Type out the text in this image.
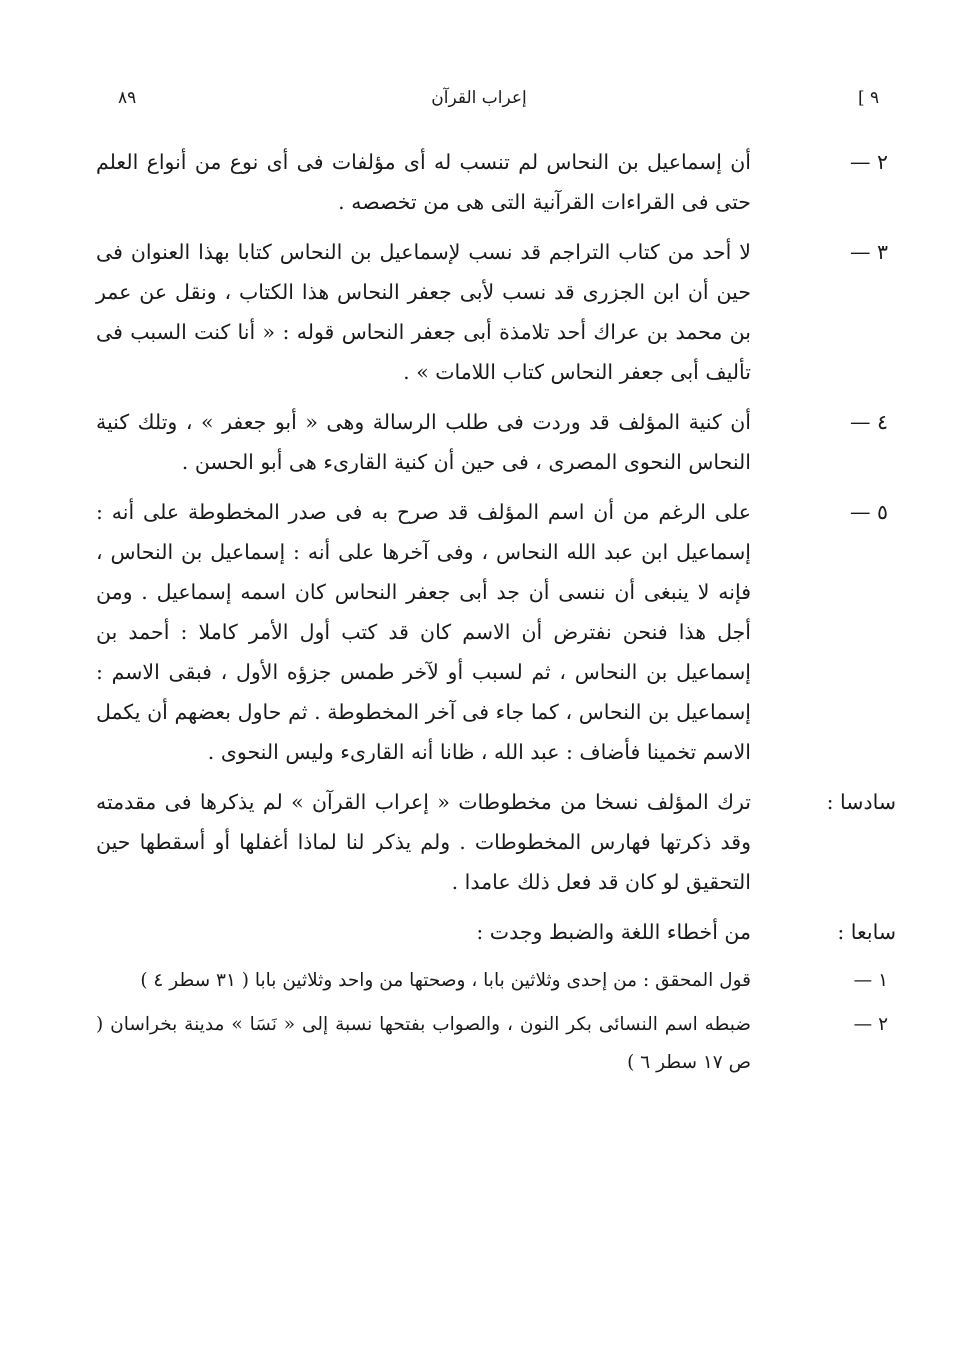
٨٩	إعراب القرآن	[ ٩
٢ —
أن إسماعيل بن النحاس لم تنسب له أى مؤلفات فى أى نوع من أنواع العلم حتى فى القراءات القرآنية التى هى من تخصصه .
٣ —
لا أحد من كتاب التراجم قد نسب لإسماعيل بن النحاس كتابا بهذا العنوان فى حين أن ابن الجزرى قد نسب لأبى جعفر النحاس هذا الكتاب ، ونقل عن عمر بن محمد بن عراك أحد تلامذة أبى جعفر النحاس قوله : « أنا كنت السبب فى تأليف أبى جعفر النحاس كتاب اللامات » .
٤ —
أن كنية المؤلف قد وردت فى طلب الرسالة وهى « أبو جعفر » ، وتلك كنية النحاس النحوى المصرى ، فى حين أن كنية القارىء هى أبو الحسن .
٥ —
على الرغم من أن اسم المؤلف قد صرح به فى صدر المخطوطة على أنه : إسماعيل ابن عبد الله النحاس ، وفى آخرها على أنه : إسماعيل بن النحاس ، فإنه لا ينبغى أن ننسى أن جد أبى جعفر النحاس كان اسمه إسماعيل . ومن أجل هذا فنحن نفترض أن الاسم كان قد كتب أول الأمر كاملا : أحمد بن إسماعيل بن النحاس ، ثم لسبب أو لآخر طمس جزؤه الأول ، فبقى الاسم : إسماعيل بن النحاس ، كما جاء فى آخر المخطوطة . ثم حاول بعضهم أن يكمل الاسم تخمينا فأضاف : عبد الله ، ظانا أنه القارىء وليس النحوى .
سادسا :
ترك المؤلف نسخا من مخطوطات « إعراب القرآن » لم يذكرها فى مقدمته وقد ذكرتها فهارس المخطوطات . ولم يذكر لنا لماذا أغفلها أو أسقطها حين التحقيق لو كان قد فعل ذلك عامدا .
سابعا :
من أخطاء اللغة والضبط وجدت :
١ —
قول المحقق : من إحدى وثلاثين بابا ، وصحتها من واحد وثلاثين بابا ( ٣١ سطر ٤ )
٢ —
ضبطه اسم النسائى بكر النون ، والصواب بفتحها نسبة إلى « نَسَا » مدينة بخراسان ( ص ١٧ سطر ٦ )
